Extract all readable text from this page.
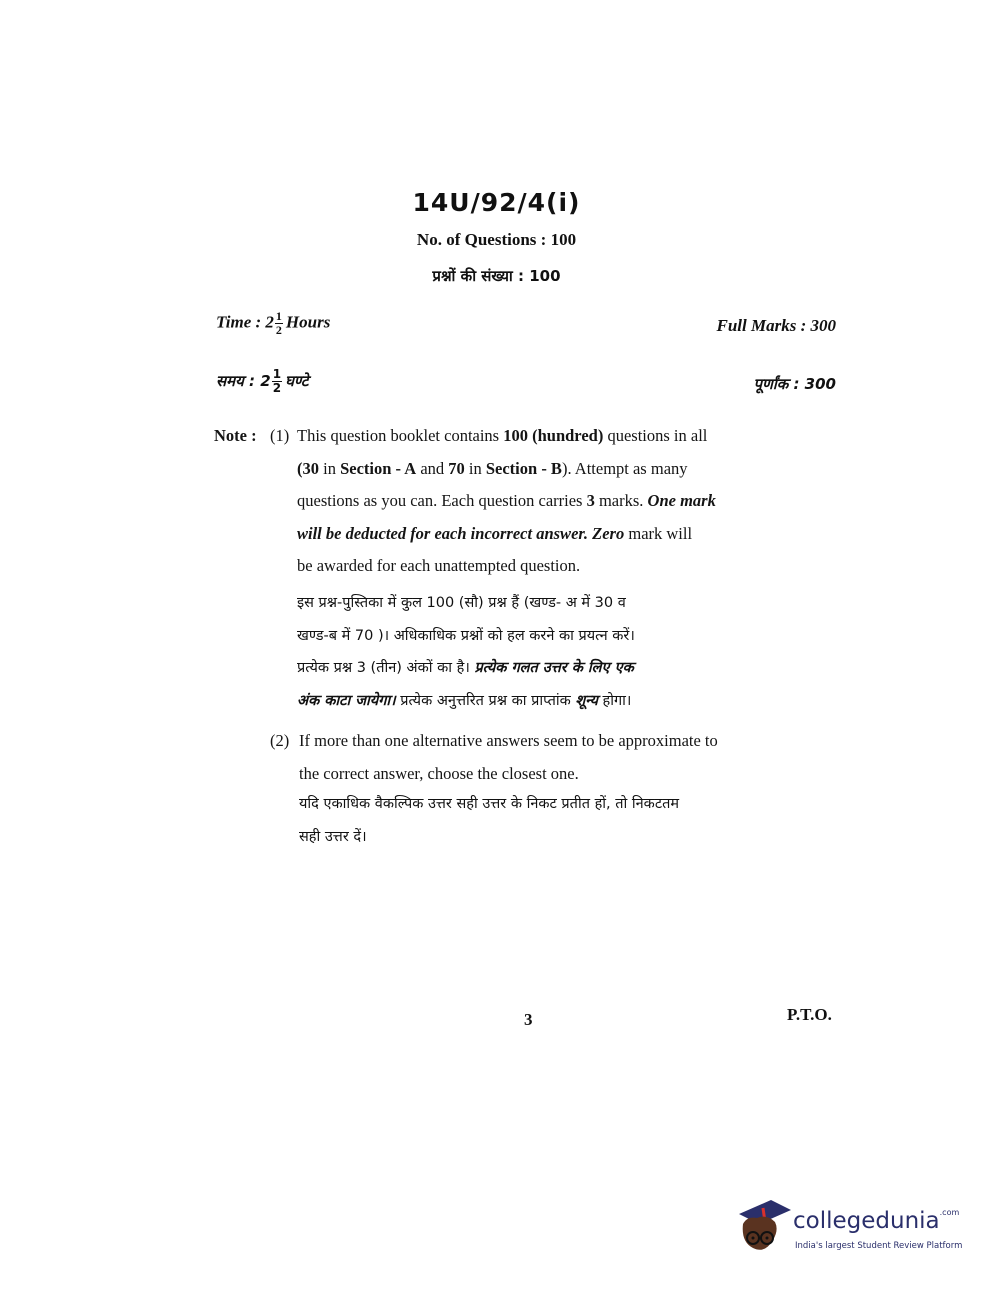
14U/92/4(i)
No. of Questions : 100
प्रश्नों की संख्या : 100
Time : $2 \frac{1}{2}$ Hours	Full Marks : 300
समय : $2 \frac{1}{2}$ घण्टे	पूर्णांक : 300
Note : (1) This question booklet contains 100 (hundred) questions in all
(30 in Section - A and 70 in Section - B). Attempt as many
questions as you can. Each question carries 3 marks. One mark
will be deducted for each incorrect answer. Zero mark will
be awarded for each unattempted question.
इस प्रश्न-पुस्तिका में कुल 100 (सौ) प्रश्न हैं (खण्ड- अ में 30 व
खण्ड-ब में 70 )। अधिकाधिक प्रश्नों को हल करने का प्रयत्न करें।
प्रत्येक प्रश्न 3 (तीन) अंकों का है। प्रत्येक गलत उत्तर के लिए एक
अंक काटा जायेगा। प्रत्येक अनुत्तरित प्रश्न का प्राप्तांक शून्य होगा।
(2) If more than one alternative answers seem to be approximate to
the correct answer, choose the closest one.
यदि एकाधिक वैकल्पिक उत्तर सही उत्तर के निकट प्रतीत हों, तो निकटतम
सही उत्तर दें।
3	P.T.O.
collegedunia$^{.com}$
India's largest Student Review Platform
